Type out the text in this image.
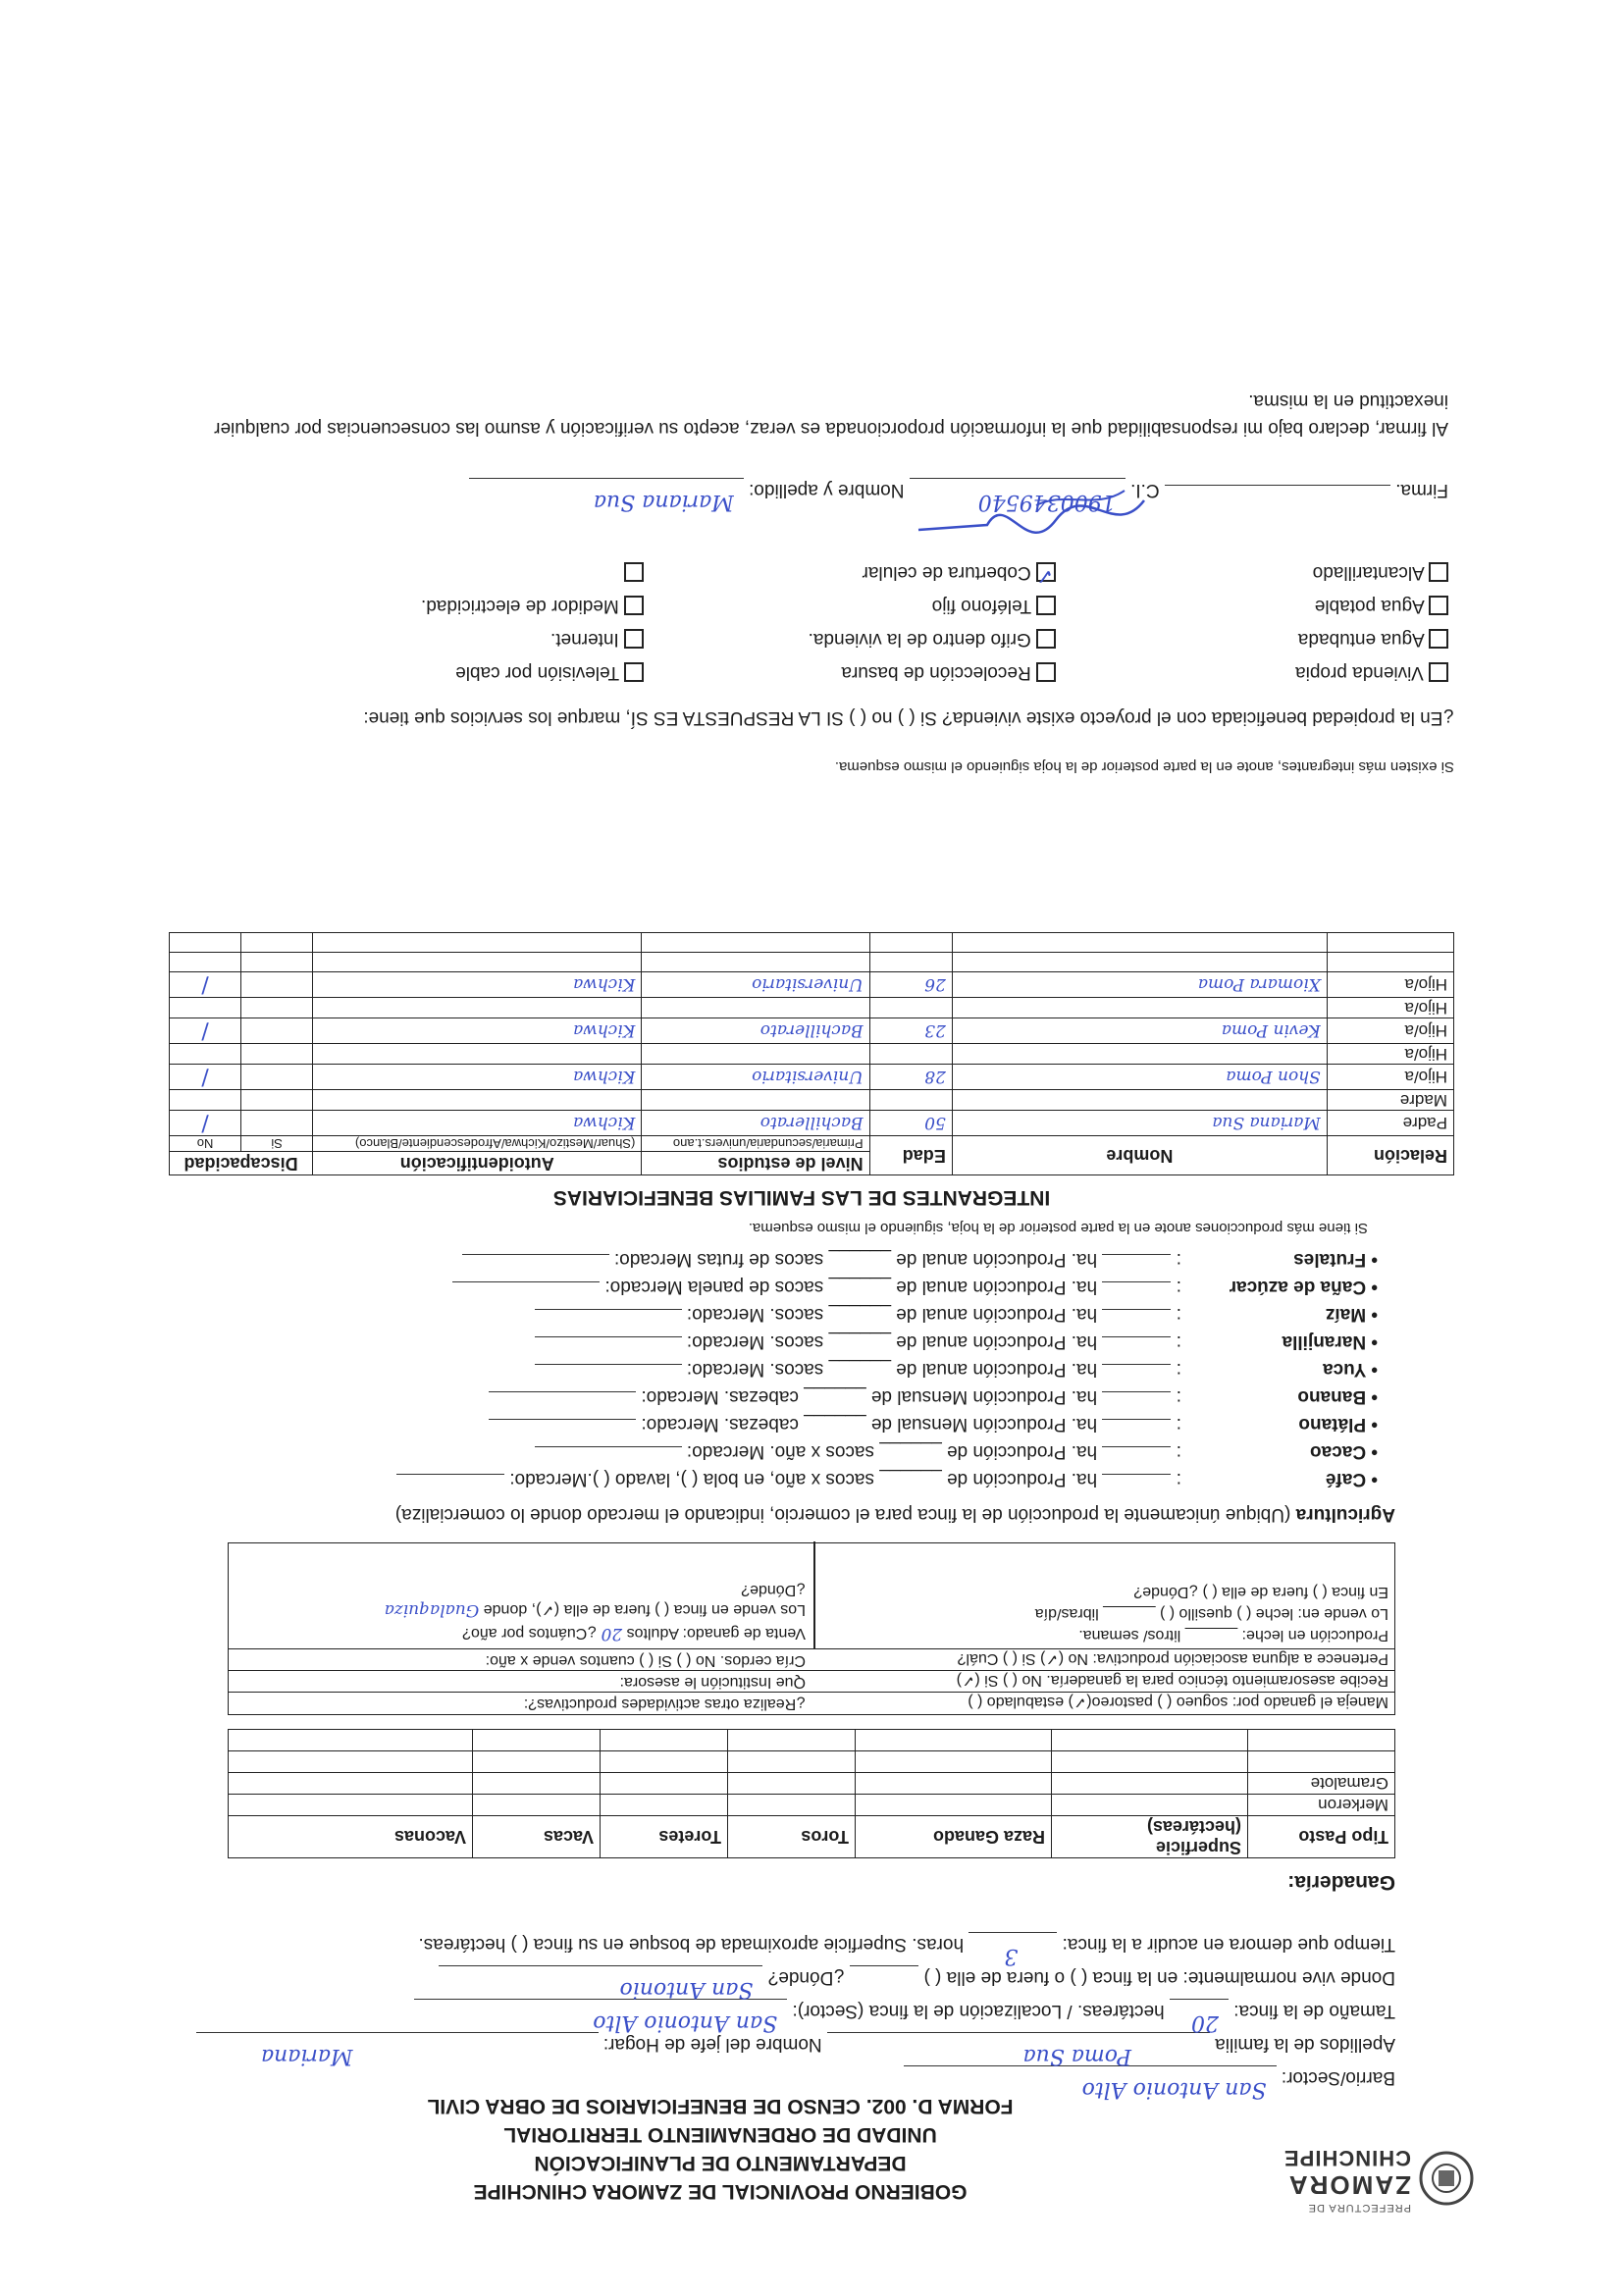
PREFECTURA DE
ZAMORA
CHINCHIPE
GOBIERNO PROVINCIAL DE ZAMORA CHINCHIPE
DEPARTAMENTO DE PLANIFICACIÓN
UNIDAD DE ORDENAMIENTO TERRITORIAL
FORMA D. 002. CENSO DE BENEFICIARIOS DE OBRA CIVIL
Barrio/Sector:
San Antonio Alto

Apellidos de la familia
Poma Sua
Nombre del jefe de Hogar:
Mariana

Tamaño de la finca:
20
hectáreas. / Localización de la finca (Sector):
San Antonio Alto

Donde vive normalmente: en la finca ( ) o fuera de ella ( )   ¿Dónde?
San Antonio

Tiempo que demora en acudir a la finca:
3
horas. Superficie aproximada de bosque en su finca ( ) hectáreas.
Ganadería:
Tipo Pasto	Superficie (hectáreas)	Raza Ganado	Toros	Toretes	Vacas	Vaconas
Merkeron						
Gramalote						

Maneja el ganado por: sogueo ( ) pastoreo(✓) estabulado ( )
¿Realiza otras actividades productivas?:
Recibe asesoramiento técnico para la ganadería. No ( ) Si (✓)
Que Institución le asesora:
Pertenece a alguna asociación productiva: No (✓) Si ( ) Cuál?
Cría cerdos. No ( ) Si ( ) cuantos vende x año:
Producción en leche: ______ litros/ semana.
Lo vende en: leche ( ) quesillo ( ) ______ libras/día
En finca ( ) fuera de ella ( ) ¿Dónde?
Venta de ganado: Adultos 20 ¿Cuántos por año?
Los vende en finca ( ) fuera de ella (✓), donde Gualaquiza
¿Dónde?
Agricultura (Ubique únicamente la producción de la finca para el comercio, indicando el mercado donde lo comercializa)
• Café:  ha. Producción de ______ sacos x año, en bola ( ), lavado ( ).Mercado:
• Cacao:  ha. Producción de ______ sacos x año. Mercado:
• Plátano:  ha. Producción Mensual de ______ cabezas. Mercado:
• Banano:  ha. Producción Mensual de ______ cabezas. Mercado:
• Yuca:  ha. Producción anual de ______ sacos. Mercado:
• Naranjilla:  ha. Producción anual de ______ sacos. Mercado:
• Maíz:  ha. Producción anual de ______ sacos. Mercado:
• Caña de azúcar:  ha. Producción anual de ______ sacos de panela Mercado:
• Frutales:  ha. Producción anual de ______ sacos de frutas Mercado:
Si tiene más producciones anote en la parte posterior de la hoja, siguiendo el mismo esquema.
INTEGRANTES DE LAS FAMILIAS BENEFICIARIAS
Relación	Nombre	Edad	Nivel de estudios	Autoidentificación	Discapacidad	
			Primaria/secundaria/univers.t.ano	(Shuar/Mestizo/Kichwa/Afrodescendiente/Blanco)	Si	No
Padre	Mariana Sua	50	Bachillerato	Kichwa		/
Madre						
Hijo/a	Shon Poma	28	Universitario	Kichwa		/
Hijo/a						
Hijo/a	Kevin Poma	23	Bachillerato	Kichwa		/
Hijo/a						
Hijo/a	Xiomara Poma	26	Universitario	Kichwa		/

Si existen más integrantes, anote en la parte posterior de la hoja siguiendo el mismo esquema.
¿En la propiedad beneficiada con el proyecto existe vivienda? Si ( ) no ( ) SI LA RESPUESTA ES SÍ, marque los servicios que tiene:
Vivienda propia
Agua entubada
Agua potable
Alcantarillado
Recolección de basura
Grifo dentro de la vivienda.
Teléfono fijo
✓
Cobertura de celular
Televisión por cable
Internet.
Medidor de electricidad.
Firma.  C.I.
1900349540
Nombre y apellido:
Mariana Sua

Al firmar, declaro bajo mi responsabilidad que la información proporcionada es veraz, acepto su verificación y asumo las consecuencias por cualquier inexactitud en la misma.
